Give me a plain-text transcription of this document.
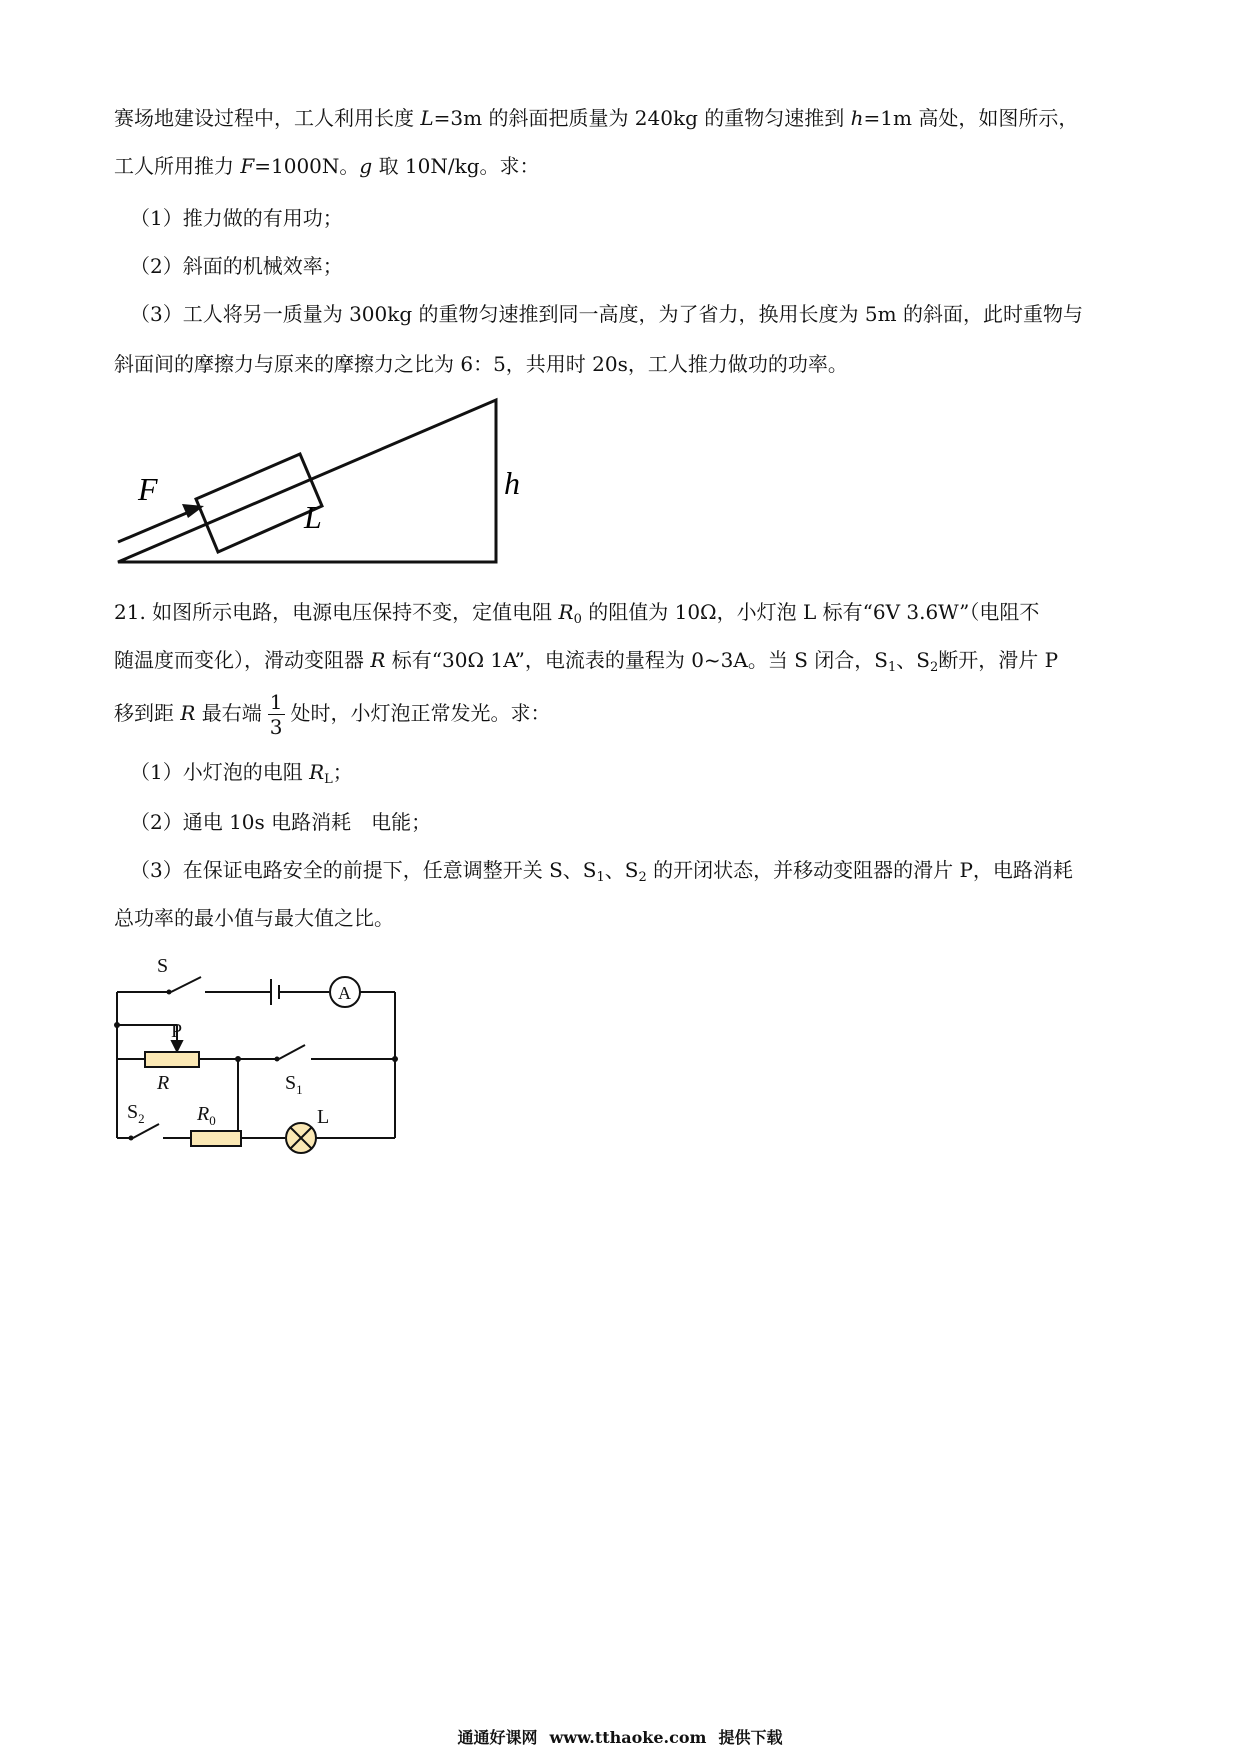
赛场地建设过程中，工人利用长度 L=3m 的斜面把质量为 240kg 的重物匀速推到 h=1m 高处，如图所示，
工人所用推力 F=1000N。g 取 10N/kg。求：
（1）推力做的有用功；
（2）斜面的机械效率；
（3）工人将另一质量为 300kg 的重物匀速推到同一高度，为了省力，换用长度为 5m 的斜面，此时重物与
斜面间的摩擦力与原来的摩擦力之比为 6：5，共用时 20s，工人推力做功的功率。
F
L
h
21. 如图所示电路，电源电压保持不变，定值电阻 $R_0$ 的阻值为 10Ω，小灯泡 L 标有“6V 3.6W”（电阻不
随温度而变化），滑动变阻器 R 标有“30Ω 1A”，电流表的量程为 0~3A。当 S 闭合，$S_1$、$S_2$断开，滑片 P
移到距 R 最右端 $\frac{1}{3}$ 处时，小灯泡正常发光。求：
（1）小灯泡的电阻 $R_L$；
（2）通电 10s 电路消耗　电能；
（3）在保证电路安全的前提下，任意调整开关 S、$S_1$、$S_2$ 的开闭状态，并移动变阻器的滑片 P，电路消耗
总功率的最小值与最大值之比。
S
A
P
R	$S_1$
$S_2$	$R_0$	L
通通好课网 www.tthaoke.com 提供下载
